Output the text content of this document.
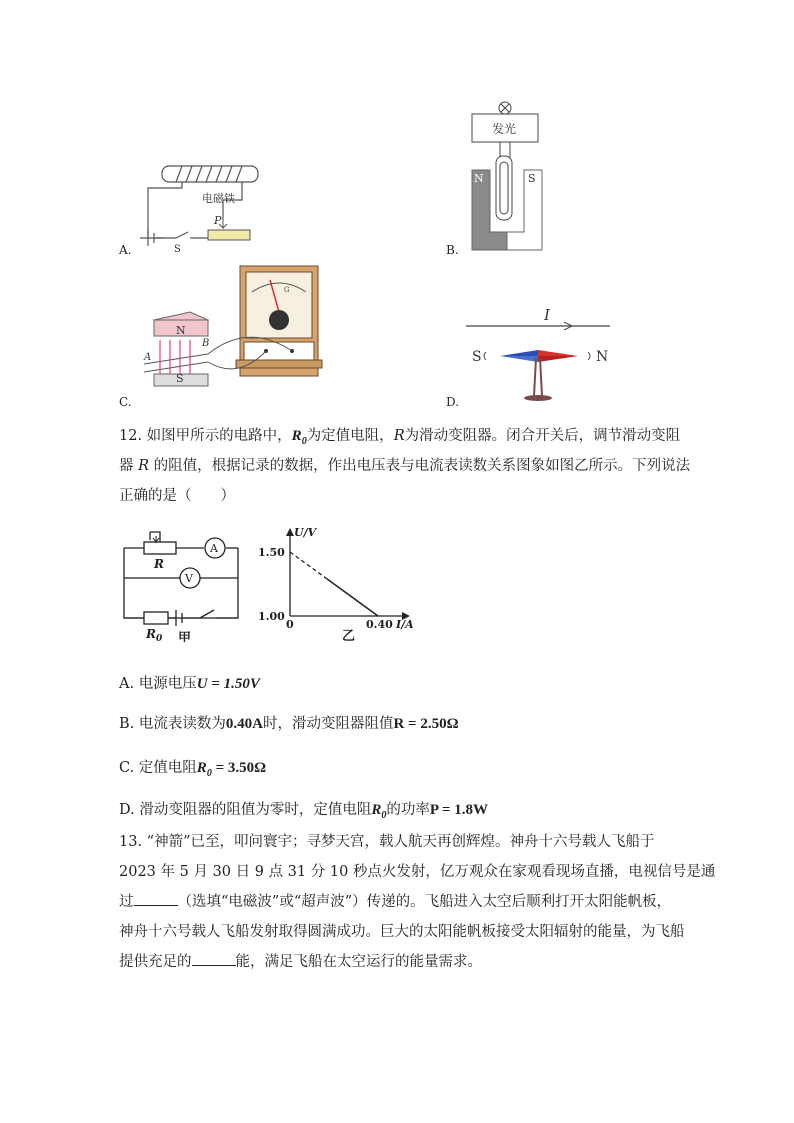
电磁铁
S
P
A.
发光
N	S
B.
G
N
S
A
B
C.
I
S	N
D.
12. 如图甲所示的电路中，$R_0$为定值电阻，R为滑动变阻器。闭合开关后，调节滑动变阻
器 R 的阻值，根据记录的数据，作出电压表与电流表读数关系图象如图乙所示。下列说法
正确的是（　　）
A
V
R
$R_0$ 甲
U/V
1.50
1.00
0	0.40 I/A
乙
A. 电源电压U = 1.50V
B. 电流表读数为0.40A时，滑动变阻器阻值R = 2.50Ω
C. 定值电阻$R_0 = 3.50\Omega$
D. 滑动变阻器的阻值为零时，定值电阻$R_0$的功率P = 1.8W
13. “神箭”已至，叩问寰宇；寻梦天宫，载人航天再创辉煌。神舟十六号载人飞船于
2023 年 5 月 30 日 9 点 31 分 10 秒点火发射，亿万观众在家观看现场直播，电视信号是通
过	（选填“电磁波”或“超声波”）传递的。飞船进入太空后顺利打开太阳能帆板，
神舟十六号载人飞船发射取得圆满成功。巨大的太阳能帆板接受太阳辐射的能量，为飞船
提供充足的	能，满足飞船在太空运行的能量需求。
